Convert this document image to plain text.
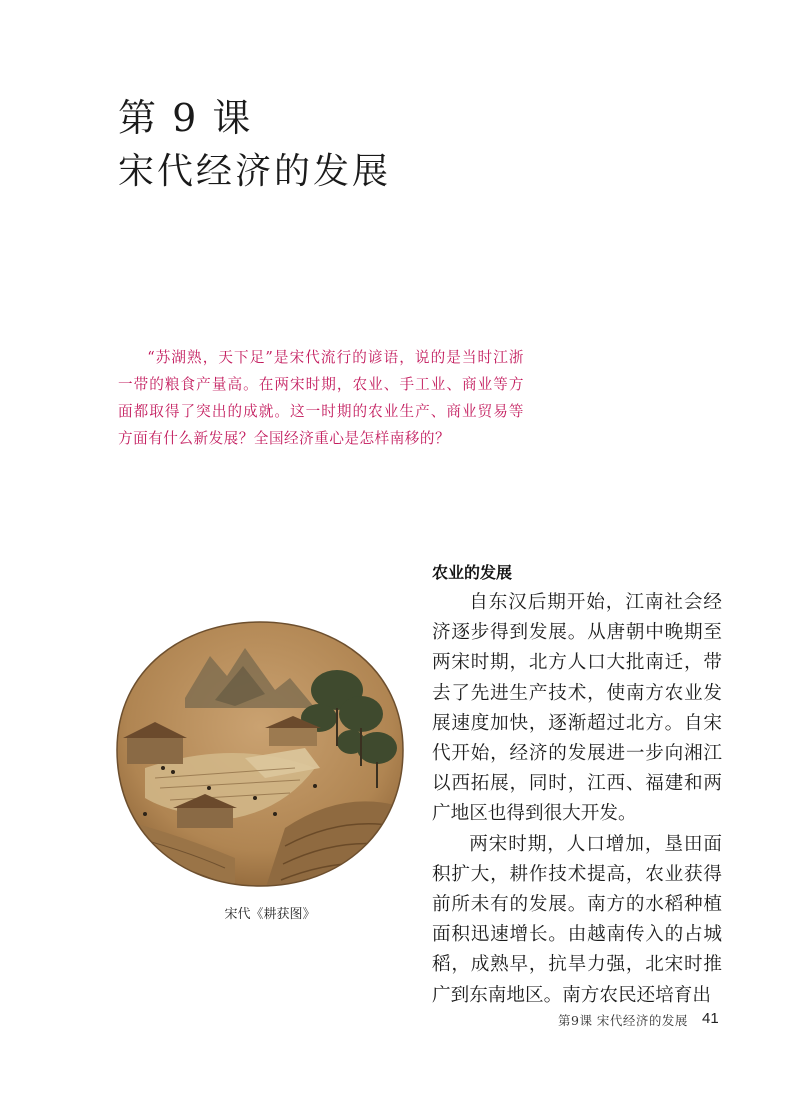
第 9 课
宋代经济的发展
“苏湖熟，天下足”是宋代流行的谚语，说的是当时江浙一带的粮食产量高。在两宋时期，农业、手工业、商业等方面都取得了突出的成就。这一时期的农业生产、商业贸易等方面有什么新发展？全国经济重心是怎样南移的？
农业的发展

自东汉后期开始，江南社会经济逐步得到发展。从唐朝中晚期至两宋时期，北方人口大批南迁，带去了先进生产技术，使南方农业发展速度加快，逐渐超过北方。自宋代开始，经济的发展进一步向湘江以西拓展，同时，江西、福建和两广地区也得到很大开发。

两宋时期，人口增加，垦田面积扩大，耕作技术提高，农业获得前所未有的发展。南方的水稻种植面积迅速增长。由越南传入的占城稻，成熟早，抗旱力强，北宋时推广到东南地区。南方农民还培育出

宋代《耕获图》
第9课 宋代经济的发展 41
